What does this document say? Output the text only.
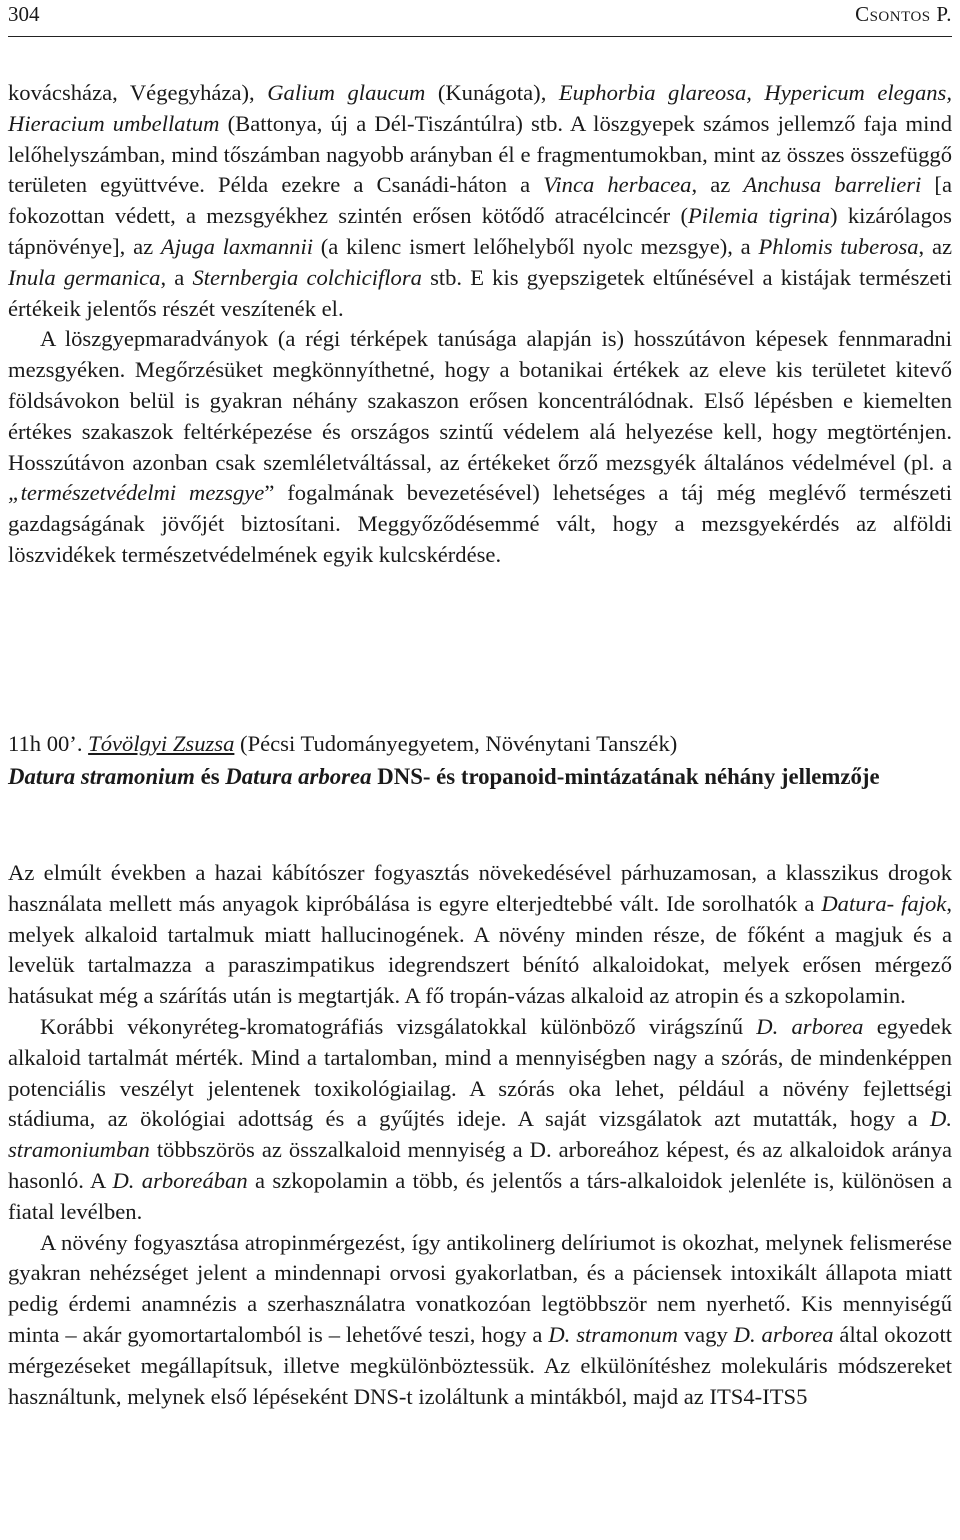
304	Csontos P.

kovácsháza, Végegyháza), Galium glaucum (Kunágota), Euphorbia glareosa, Hypericum elegans, Hieracium umbellatum (Battonya, új a Dél-Tiszántúlra) stb. A löszgyepek számos jellemző faja mind lelőhelyszámban, mind tőszámban nagyobb arányban él e fragmentumokban, mint az összes összefüggő területen együttvéve. Példa ezekre a Csanádi-háton a Vinca herbacea, az Anchusa barrelieri [a fokozottan védett, a mezsgyékhez szintén erősen kötődő atracélcincér (Pilemia tigrina) kizárólagos tápnövénye], az Ajuga laxmannii (a kilenc ismert lelőhelyből nyolc mezsgye), a Phlomis tuberosa, az Inula germanica, a Sternbergia colchiciflora stb. E kis gyepszigetek eltűnésével a kistájak természeti értékeik jelentős részét veszítenék el.

A löszgyepmaradványok (a régi térképek tanúsága alapján is) hosszútávon képesek fennmaradni mezsgyéken. Megőrzésüket megkönnyíthetné, hogy a botanikai értékek az eleve kis területet kitevő földsávokon belül is gyakran néhány szakaszon erősen koncentrálódnak. Első lépésben e kiemelten értékes szakaszok feltérképezése és országos szintű védelem alá helyezése kell, hogy megtörténjen. Hosszútávon azonban csak szemléletváltással, az értékeket őrző mezsgyék általános védelmével (pl. a „természetvédelmi mezsgye” fogalmának bevezetésével) lehetséges a táj még meglévő természeti gazdagságának jövőjét biztosítani. Meggyőződésemmé vált, hogy a mezsgyekérdés az alföldi löszvidékek természetvédelmének egyik kulcskérdése.

11h 00’. Tóvölgyi Zsuzsa (Pécsi Tudományegyetem, Növénytani Tanszék)

Datura stramonium és Datura arborea DNS- és tropanoid-mintázatának néhány jellemzője

Az elmúlt években a hazai kábítószer fogyasztás növekedésével párhuzamosan, a klasszikus drogok használata mellett más anyagok kipróbálása is egyre elterjedtebbé vált. Ide sorolhatók a Datura- fajok, melyek alkaloid tartalmuk miatt hallucinogének. A növény minden része, de főként a magjuk és a levelük tartalmazza a paraszimpatikus idegrendszert bénító alkaloidokat, melyek erősen mérgező hatásukat még a szárítás után is megtartják. A fő tropán-vázas alkaloid az atropin és a szkopolamin.

Korábbi vékonyréteg-kromatográfiás vizsgálatokkal különböző virágszínű D. arborea egyedek alkaloid tartalmát mérték. Mind a tartalomban, mind a mennyiségben nagy a szórás, de mindenképpen potenciális veszélyt jelentenek toxikológiailag. A szórás oka lehet, például a növény fejlettségi stádiuma, az ökológiai adottság és a gyűjtés ideje. A saját vizsgálatok azt mutatták, hogy a D. stramoniumban többszörös az összalkaloid mennyiség a D. arboreához képest, és az alkaloidok aránya hasonló. A D. arboreában a szkopolamin a több, és jelentős a társ-alkaloidok jelenléte is, különösen a fiatal levélben.

A növény fogyasztása atropinmérgezést, így antikolinerg delíriumot is okozhat, melynek felismerése gyakran nehézséget jelent a mindennapi orvosi gyakorlatban, és a páciensek intoxikált állapota miatt pedig érdemi anamnézis a szerhasználatra vonatkozóan legtöbbször nem nyerhető. Kis mennyiségű minta – akár gyomortartalomból is – lehetővé teszi, hogy a D. stramonum vagy D. arborea által okozott mérgezéseket megállapítsuk, illetve megkülönböztessük. Az elkülönítéshez molekuláris módszereket használtunk, melynek első lépéseként DNS-t izoláltunk a mintákból, majd az ITS4-ITS5
